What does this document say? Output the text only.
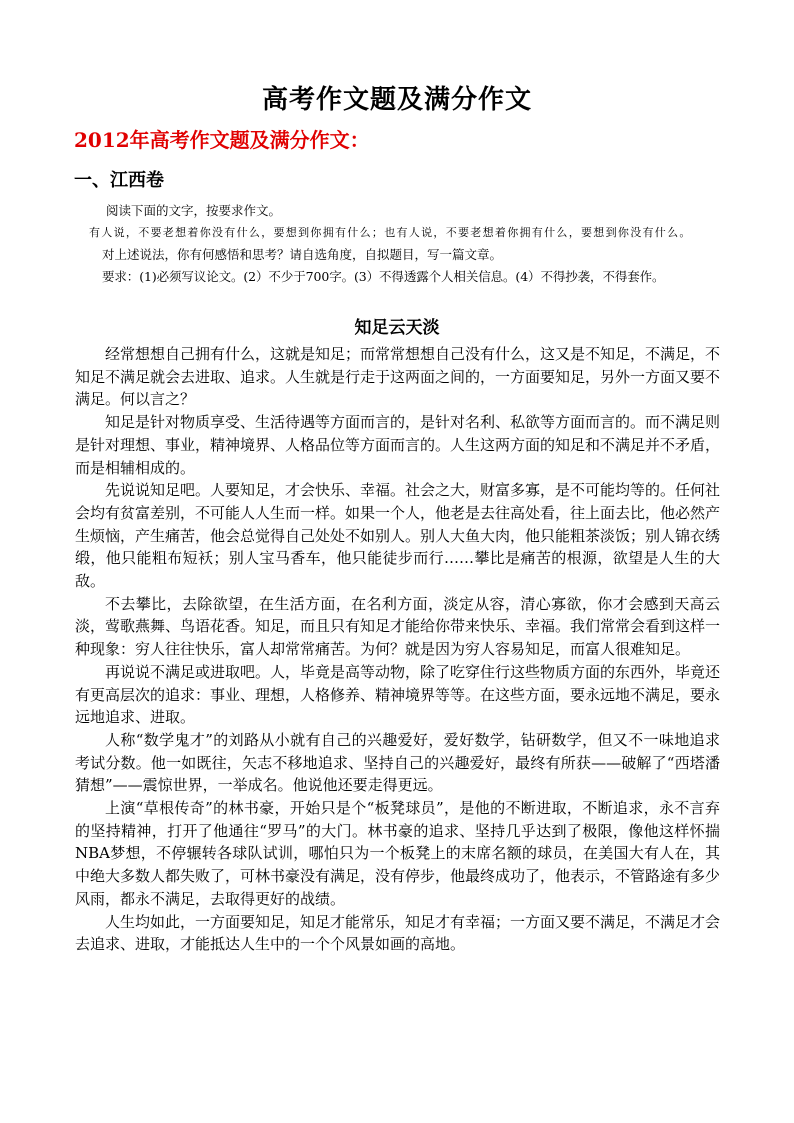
高考作文题及满分作文
2012年高考作文题及满分作文：
一、江西卷

阅读下面的文字，按要求作文。

有人说，不要老想着你没有什么，要想到你拥有什么；也有人说，不要老想着你拥有什么，要想到你没有什么。

对上述说法，你有何感悟和思考？请自选角度，自拟题目，写一篇文章。

要求：(1)必须写议论文。(2）不少于700字。(3）不得透露个人相关信息。(4）不得抄袭，不得套作。

知足云天淡

经常想想自己拥有什么，这就是知足；而常常想想自己没有什么，这又是不知足，不满足，不知足不满足就会去进取、追求。人生就是行走于这两面之间的，一方面要知足，另外一方面又要不满足。何以言之？

知足是针对物质享受、生活待遇等方面而言的，是针对名利、私欲等方面而言的。而不满足则是针对理想、事业，精神境界、人格品位等方面而言的。人生这两方面的知足和不满足并不矛盾，而是相辅相成的。

先说说知足吧。人要知足，才会快乐、幸福。社会之大，财富多寡，是不可能均等的。任何社会均有贫富差别，不可能人人生而一样。如果一个人，他老是去往高处看，往上面去比，他必然产生烦恼，产生痛苦，他会总觉得自己处处不如别人。别人大鱼大肉，他只能粗茶淡饭；别人锦衣绣缎，他只能粗布短袄；别人宝马香车，他只能徒步而行……攀比是痛苦的根源，欲望是人生的大敌。

不去攀比，去除欲望，在生活方面，在名利方面，淡定从容，清心寡欲，你才会感到天高云淡，莺歌燕舞、鸟语花香。知足，而且只有知足才能给你带来快乐、幸福。我们常常会看到这样一种现象：穷人往往快乐，富人却常常痛苦。为何？就是因为穷人容易知足，而富人很难知足。

再说说不满足或进取吧。人，毕竟是高等动物，除了吃穿住行这些物质方面的东西外，毕竟还有更高层次的追求：事业、理想，人格修养、精神境界等等。在这些方面，要永远地不满足，要永远地追求、进取。

人称“数学鬼才”的刘路从小就有自己的兴趣爱好，爱好数学，钻研数学，但又不一味地追求考试分数。他一如既往，矢志不移地追求、坚持自己的兴趣爱好，最终有所获——破解了“西塔潘猜想”——震惊世界，一举成名。他说他还要走得更远。

上演“草根传奇”的林书豪，开始只是个“板凳球员”，是他的不断进取，不断追求，永不言弃的坚持精神，打开了他通往“罗马”的大门。林书豪的追求、坚持几乎达到了极限，像他这样怀揣NBA梦想，不停辗转各球队试训，哪怕只为一个板凳上的末席名额的球员，在美国大有人在，其中绝大多数人都失败了，可林书豪没有满足，没有停步，他最终成功了，他表示，不管路途有多少风雨，都永不满足，去取得更好的战绩。

人生均如此，一方面要知足，知足才能常乐，知足才有幸福；一方面又要不满足，不满足才会去追求、进取，才能抵达人生中的一个个风景如画的高地。
